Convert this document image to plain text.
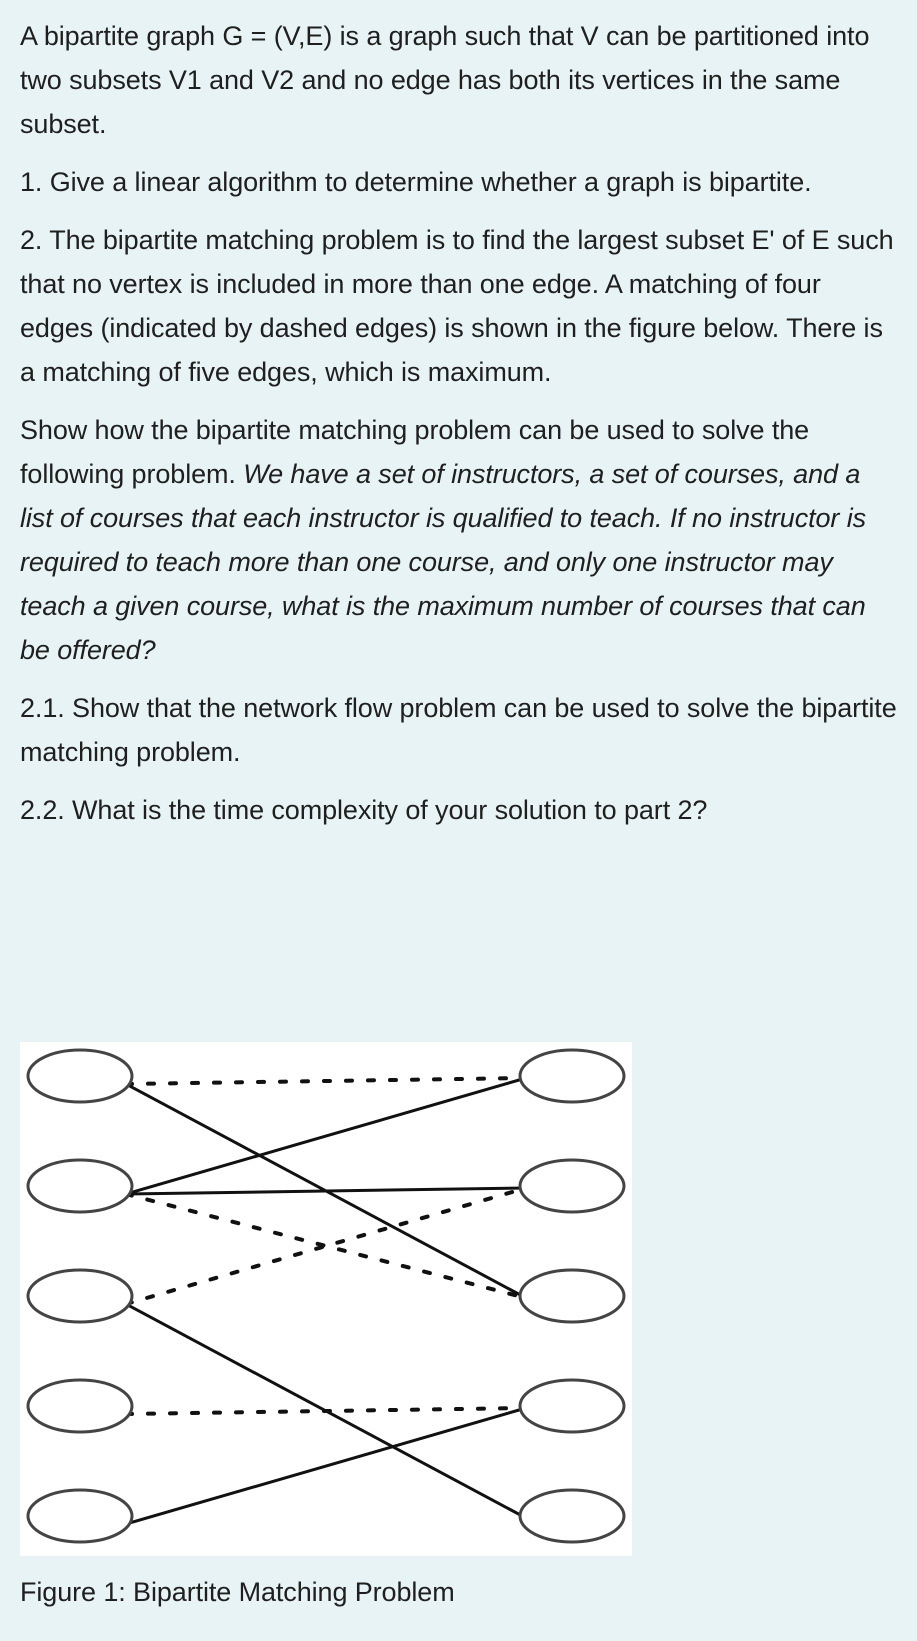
A bipartite graph G = (V,E) is a graph such that V can be partitioned into two subsets V1 and V2 and no edge has both its vertices in the same subset.

1. Give a linear algorithm to determine whether a graph is bipartite.

2. The bipartite matching problem is to find the largest subset E' of E such that no vertex is included in more than one edge. A matching of four edges (indicated by dashed edges) is shown in the figure below. There is a matching of five edges, which is maximum.

Show how the bipartite matching problem can be used to solve the following problem. We have a set of instructors, a set of courses, and a list of courses that each instructor is qualified to teach. If no instructor is required to teach more than one course, and only one instructor may teach a given course, what is the maximum number of courses that can be offered?

2.1. Show that the network flow problem can be used to solve the bipartite matching problem.

2.2. What is the time complexity of your solution to part 2?

Figure 1: Bipartite Matching Problem
